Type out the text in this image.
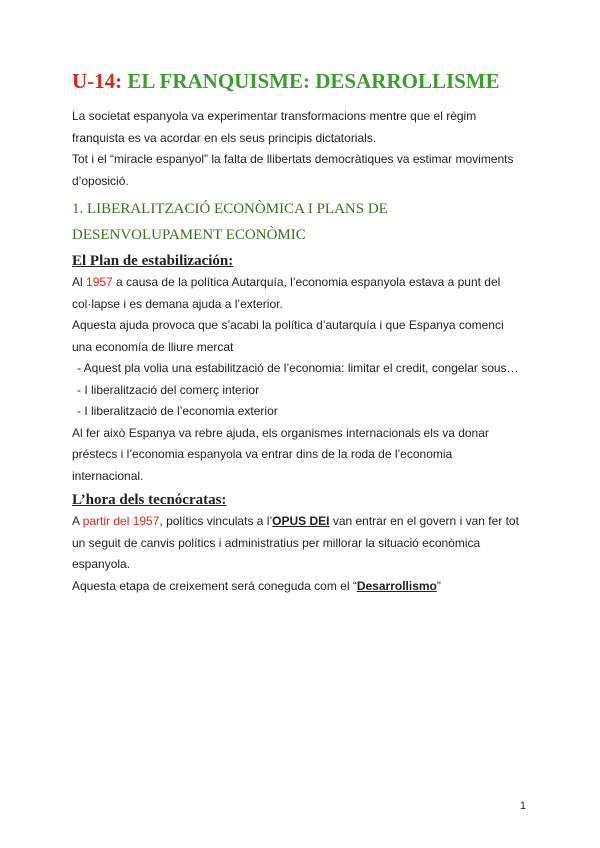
U-14: EL FRANQUISME: DESARROLLISME

La societat espanyola va experimentar transformacions mentre que el règim

franquista es va acordar en els seus principis dictatorials.

Tot i el “miracle espanyol” la falta de llibertats democràtiques va estimar moviments

d’oposició.

1. LIBERALITZACIÓ ECONÒMICA I PLANS DE
DESENVOLUPAMENT ECONÒMIC
El Plan de estabilización:

Al 1957 a causa de la política Autarquía, l’economia espanyola estava a punt del

col·lapse i es demana ajuda a l’exterior.

Aquesta ajuda provoca que s’acabi la política d’autarquía i que Espanya comenci

una economía de lliure mercat

- Aquest pla volia una estabilització de l’economia: limitar el credit, congelar sous…

- I liberalització del comerç interior

- I liberalització de l’economia exterior

Al fer això Espanya va rebre ajuda, els organismes internacionals els va donar

préstecs i l’economia espanyola va entrar dins de la roda de l’economia

internacional.

L’hora dels tecnócratas:

A partir del 1957, polítics vinculats a l’OPUS DEI van entrar en el govern i van fer tot

un seguit de canvis polítics i administratius per millorar la situació econòmica

espanyola.

Aquesta etapa de creixement será coneguda com el “Desarrollismo”

1
